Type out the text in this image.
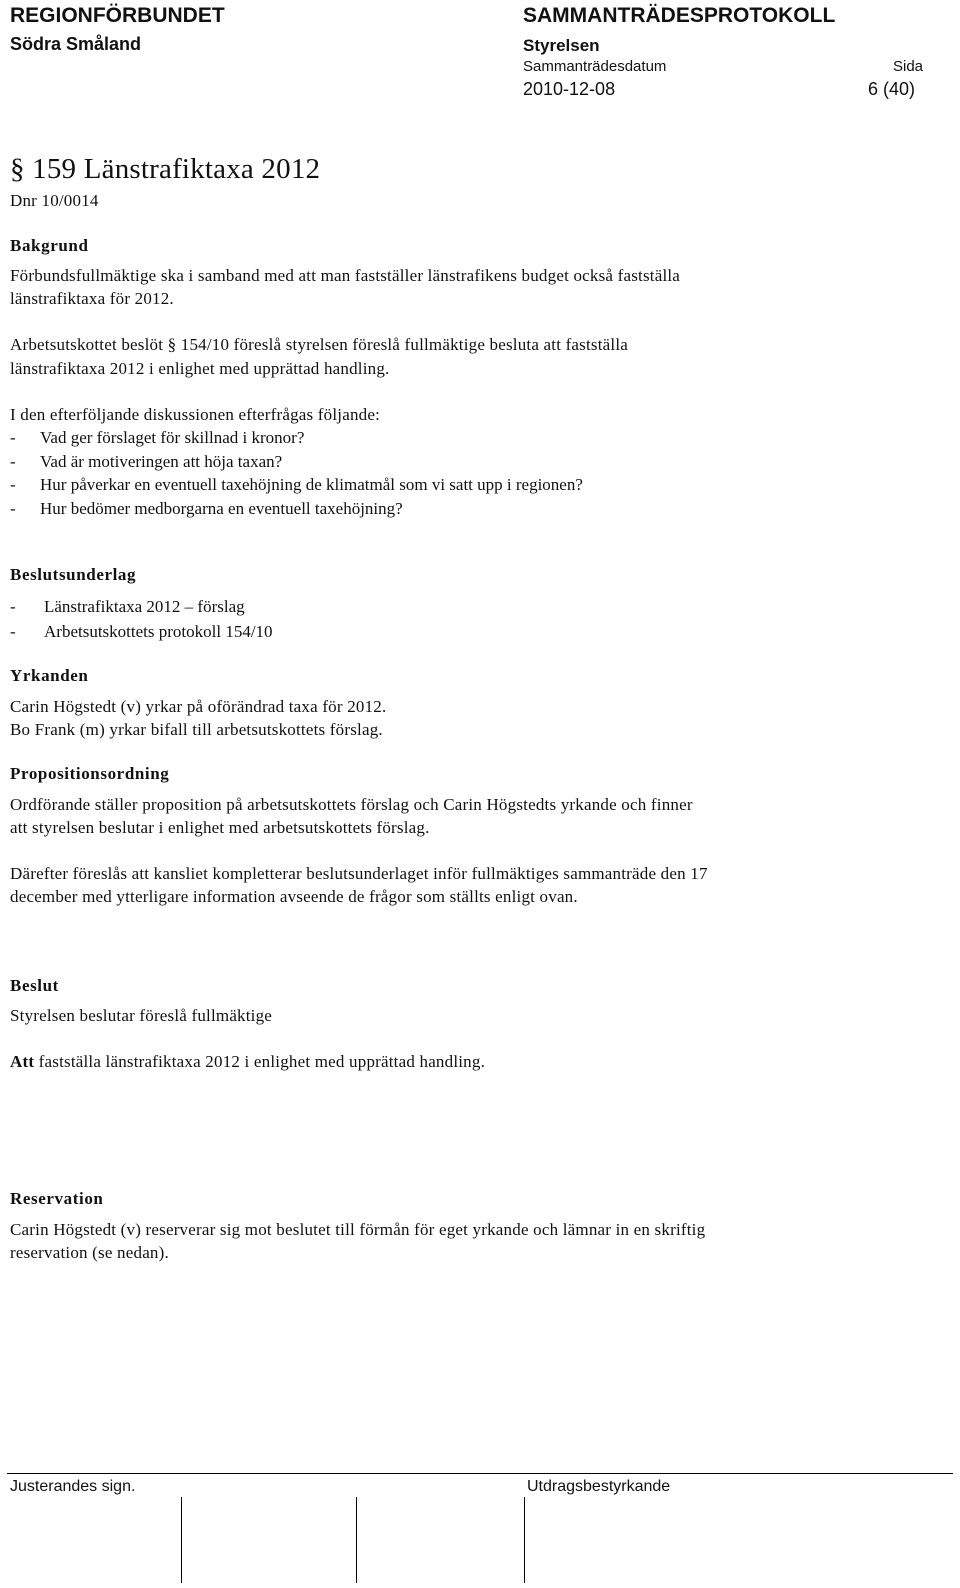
REGIONFÖRBUNDET
Södra Småland
SAMMANTRÄDESPROTOKOLL
Styrelsen
Sammanträdesdatum	Sida
2010-12-08	6 (40)
§ 159 Länstrafiktaxa 2012
Dnr 10/0014
Bakgrund
Förbundsfullmäktige ska i samband med att man fastställer länstrafikens budget också fastställa
länstrafiktaxa för 2012.
Arbetsutskottet beslöt § 154/10 föreslå styrelsen föreslå fullmäktige besluta att fastställa
länstrafiktaxa 2012 i enlighet med upprättad handling.
I den efterföljande diskussionen efterfrågas följande:
- Vad ger förslaget för skillnad i kronor?
- Vad är motiveringen att höja taxan?
- Hur påverkar en eventuell taxehöjning de klimatmål som vi satt upp i regionen?
- Hur bedömer medborgarna en eventuell taxehöjning?
Beslutsunderlag
- Länstrafiktaxa 2012 – förslag
- Arbetsutskottets protokoll 154/10
Yrkanden
Carin Högstedt (v) yrkar på oförändrad taxa för 2012.
Bo Frank (m) yrkar bifall till arbetsutskottets förslag.
Propositionsordning
Ordförande ställer proposition på arbetsutskottets förslag och Carin Högstedts yrkande och finner
att styrelsen beslutar i enlighet med arbetsutskottets förslag.
Därefter föreslås att kansliet kompletterar beslutsunderlaget inför fullmäktiges sammanträde den 17
december med ytterligare information avseende de frågor som ställts enligt ovan.
Beslut
Styrelsen beslutar föreslå fullmäktige
Att fastställa länstrafiktaxa 2012 i enlighet med upprättad handling.
Reservation
Carin Högstedt (v) reserverar sig mot beslutet till förmån för eget yrkande och lämnar in en skriftig
reservation (se nedan).
Justerandes sign.	Utdragsbestyrkande
